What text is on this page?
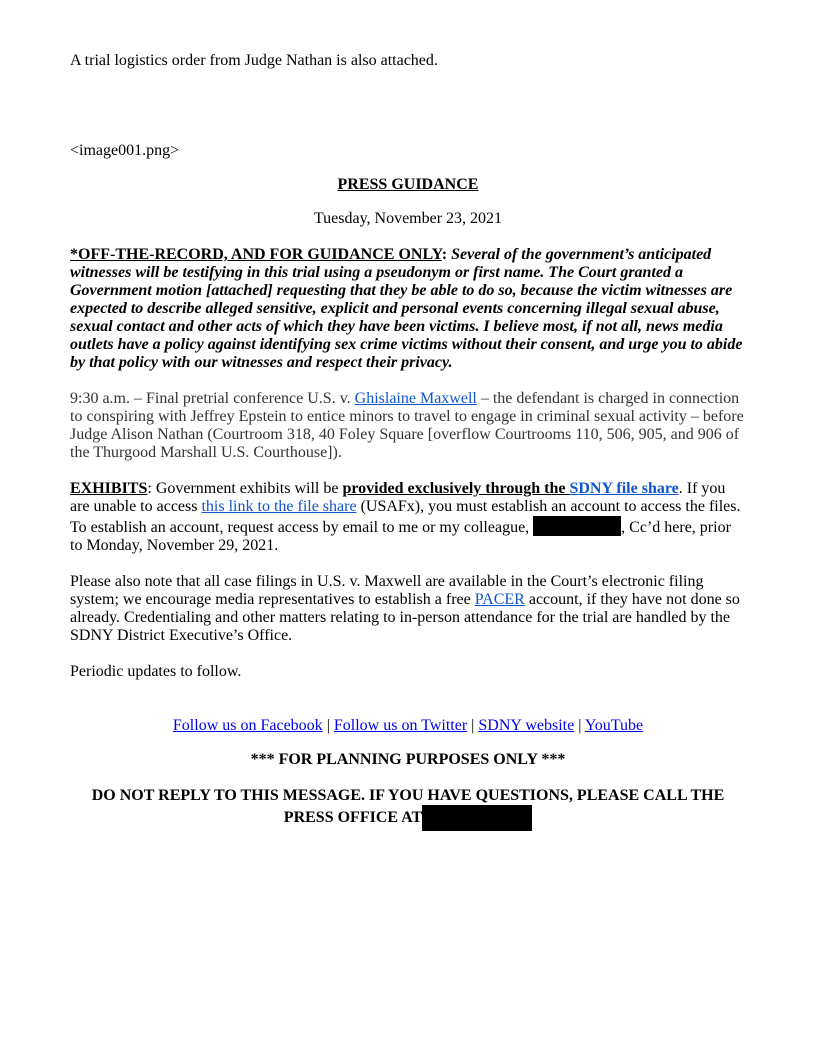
A trial logistics order from Judge Nathan is also attached.

<image001.png>

PRESS GUIDANCE

Tuesday, November 23, 2021

*OFF-THE-RECORD, AND FOR GUIDANCE ONLY: Several of the government’s anticipated witnesses will be testifying in this trial using a pseudonym or first name. The Court granted a Government motion [attached] requesting that they be able to do so, because the victim witnesses are expected to describe alleged sensitive, explicit and personal events concerning illegal sexual abuse, sexual contact and other acts of which they have been victims. I believe most, if not all, news media outlets have a policy against identifying sex crime victims without their consent, and urge you to abide by that policy with our witnesses and respect their privacy.

9:30 a.m. – Final pretrial conference U.S. v. Ghislaine Maxwell – the defendant is charged in connection to conspiring with Jeffrey Epstein to entice minors to travel to engage in criminal sexual activity – before Judge Alison Nathan (Courtroom 318, 40 Foley Square [overflow Courtrooms 110, 506, 905, and 906 of the Thurgood Marshall U.S. Courthouse]).

EXHIBITS: Government exhibits will be provided exclusively through the SDNY file share. If you are unable to access this link to the file share (USAFx), you must establish an account to access the files. To establish an account, request access by email to me or my colleague,	, Cc’d here, prior to Monday, November 29, 2021.

Please also note that all case filings in U.S. v. Maxwell are available in the Court’s electronic filing system; we encourage media representatives to establish a free PACER account, if they have not done so already. Credentialing and other matters relating to in-person attendance for the trial are handled by the SDNY District Executive’s Office.

Periodic updates to follow.

Follow us on Facebook | Follow us on Twitter | SDNY website | YouTube

*** FOR PLANNING PURPOSES ONLY ***

DO NOT REPLY TO THIS MESSAGE. IF YOU HAVE QUESTIONS, PLEASE CALL THE
PRESS OFFICE AT
